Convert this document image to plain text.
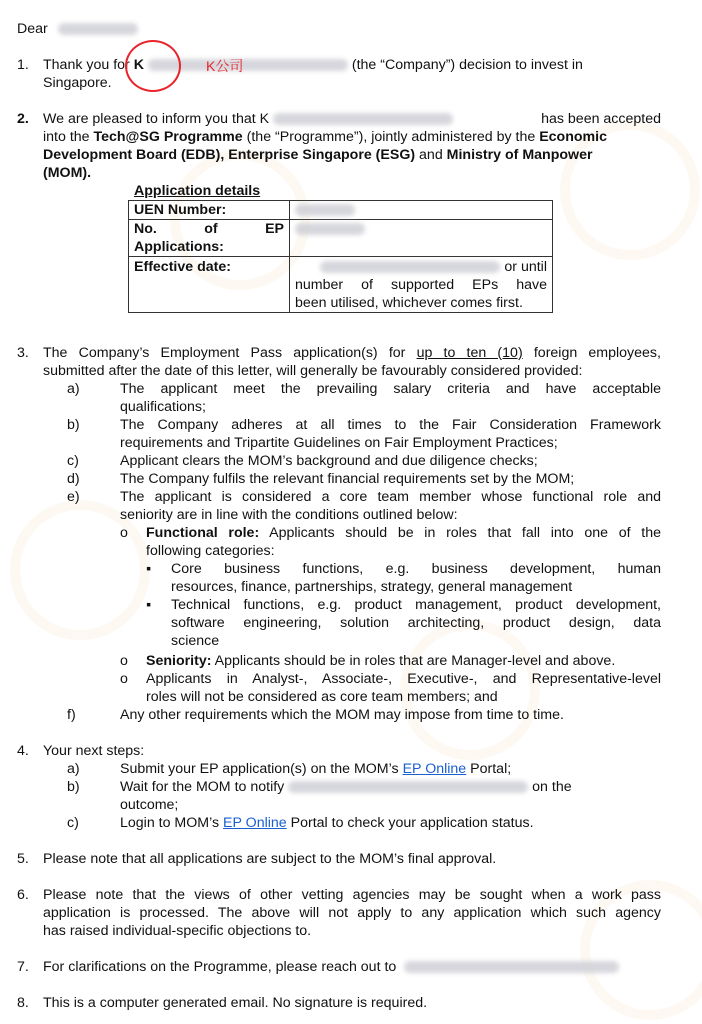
Dear
1. Thank you for K	(the “Company”) decision to invest in
Singapore.
K公司
2. We are pleased to inform you that K	has been accepted
into the Tech@SG Programme (the “Programme”), jointly administered by the Economic
Development Board (EDB), Enterprise Singapore (ESG) and Ministry of Manpower
(MOM).
Application details
UEN Number:	

No. of EP
Applications:	

Effective date:	or until
number of supported EPs have
been utilised, whichever comes first.
3. The Company’s Employment Pass application(s) for up to ten (10) foreign employees,
submitted after the date of this letter, will generally be favourably considered provided:
a)	The applicant meet the prevailing salary criteria and have acceptable
qualifications;
b)	The Company adheres at all times to the Fair Consideration Framework
requirements and Tripartite Guidelines on Fair Employment Practices;
c)	Applicant clears the MOM’s background and due diligence checks;
d)	The Company fulfils the relevant financial requirements set by the MOM;
e)	The applicant is considered a core team member whose functional role and
seniority are in line with the conditions outlined below:
o Functional role: Applicants should be in roles that fall into one of the
following categories:
▪ Core business functions, e.g. business development, human
resources, finance, partnerships, strategy, general management
▪ Technical functions, e.g. product management, product development,
software engineering, solution architecting, product design, data
science
o Seniority: Applicants should be in roles that are Manager-level and above.
o Applicants in Analyst-, Associate-, Executive-, and Representative-level
roles will not be considered as core team members; and
f)	Any other requirements which the MOM may impose from time to time.
4. Your next steps:
a)	Submit your EP application(s) on the MOM’s EP Online Portal;
b)	Wait for the MOM to notify	on the
outcome;
c)	Login to MOM’s EP Online Portal to check your application status.
5. Please note that all applications are subject to the MOM’s final approval.
6. Please note that the views of other vetting agencies may be sought when a work pass
application is processed. The above will not apply to any application which such agency
has raised individual-specific objections to.
7. For clarifications on the Programme, please reach out to
8. This is a computer generated email. No signature is required.
